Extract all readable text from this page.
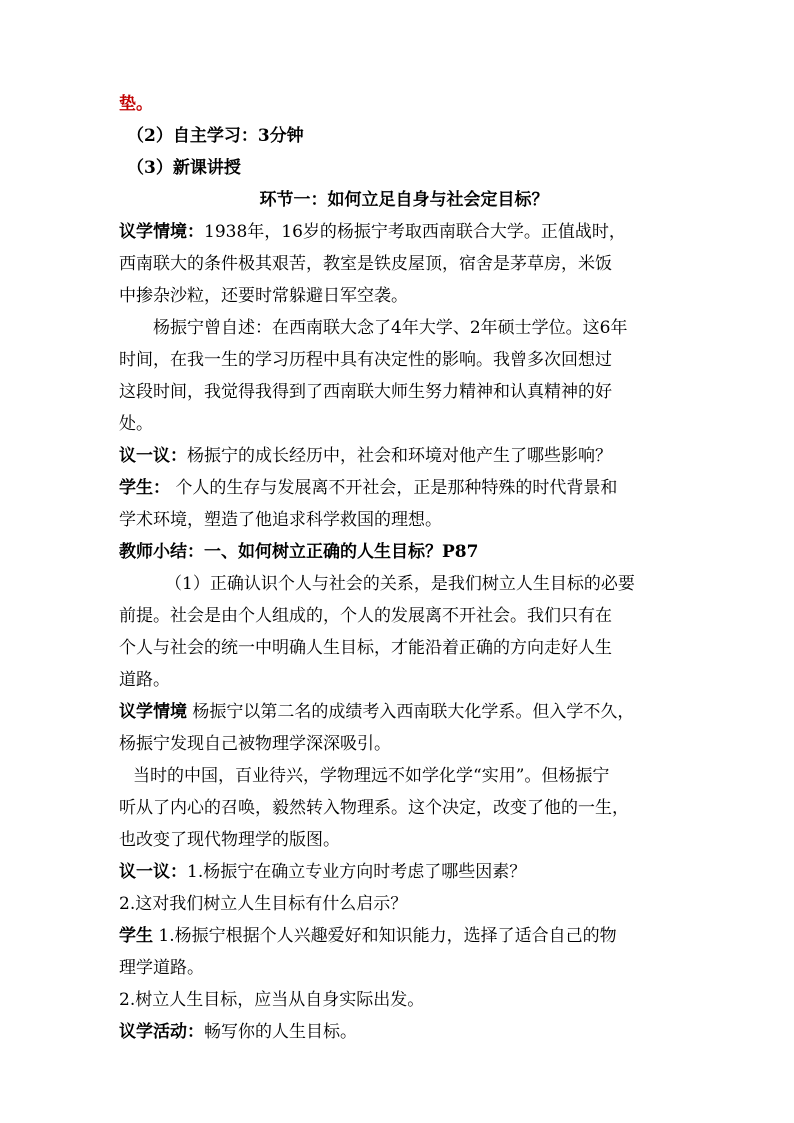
垫。
（2）自主学习：3分钟
（3）新课讲授
环节一：如何立足自身与社会定目标？
议学情境：1938年，16岁的杨振宁考取西南联合大学。正值战时，
西南联大的条件极其艰苦，教室是铁皮屋顶，宿舍是茅草房，米饭
中掺杂沙粒，还要时常躲避日军空袭。
杨振宁曾自述：在西南联大念了4年大学、2年硕士学位。这6年
时间，在我一生的学习历程中具有决定性的影响。我曾多次回想过
这段时间，我觉得我得到了西南联大师生努力精神和认真精神的好
处。
议一议：杨振宁的成长经历中，社会和环境对他产生了哪些影响？
学生： 个人的生存与发展离不开社会，正是那种特殊的时代背景和
学术环境，塑造了他追求科学救国的理想。
教师小结：一、如何树立正确的人生目标？P87
（1）正确认识个人与社会的关系，是我们树立人生目标的必要
前提。社会是由个人组成的，个人的发展离不开社会。我们只有在
个人与社会的统一中明确人生目标，才能沿着正确的方向走好人生
道路。
议学情境 杨振宁以第二名的成绩考入西南联大化学系。但入学不久，
杨振宁发现自己被物理学深深吸引。
当时的中国，百业待兴，学物理远不如学化学“实用”。但杨振宁
听从了内心的召唤，毅然转入物理系。这个决定，改变了他的一生，
也改变了现代物理学的版图。
议一议：1.杨振宁在确立专业方向时考虑了哪些因素？
2.这对我们树立人生目标有什么启示？
学生 1.杨振宁根据个人兴趣爱好和知识能力，选择了适合自己的物
理学道路。
2.树立人生目标，应当从自身实际出发。
议学活动：畅写你的人生目标。
